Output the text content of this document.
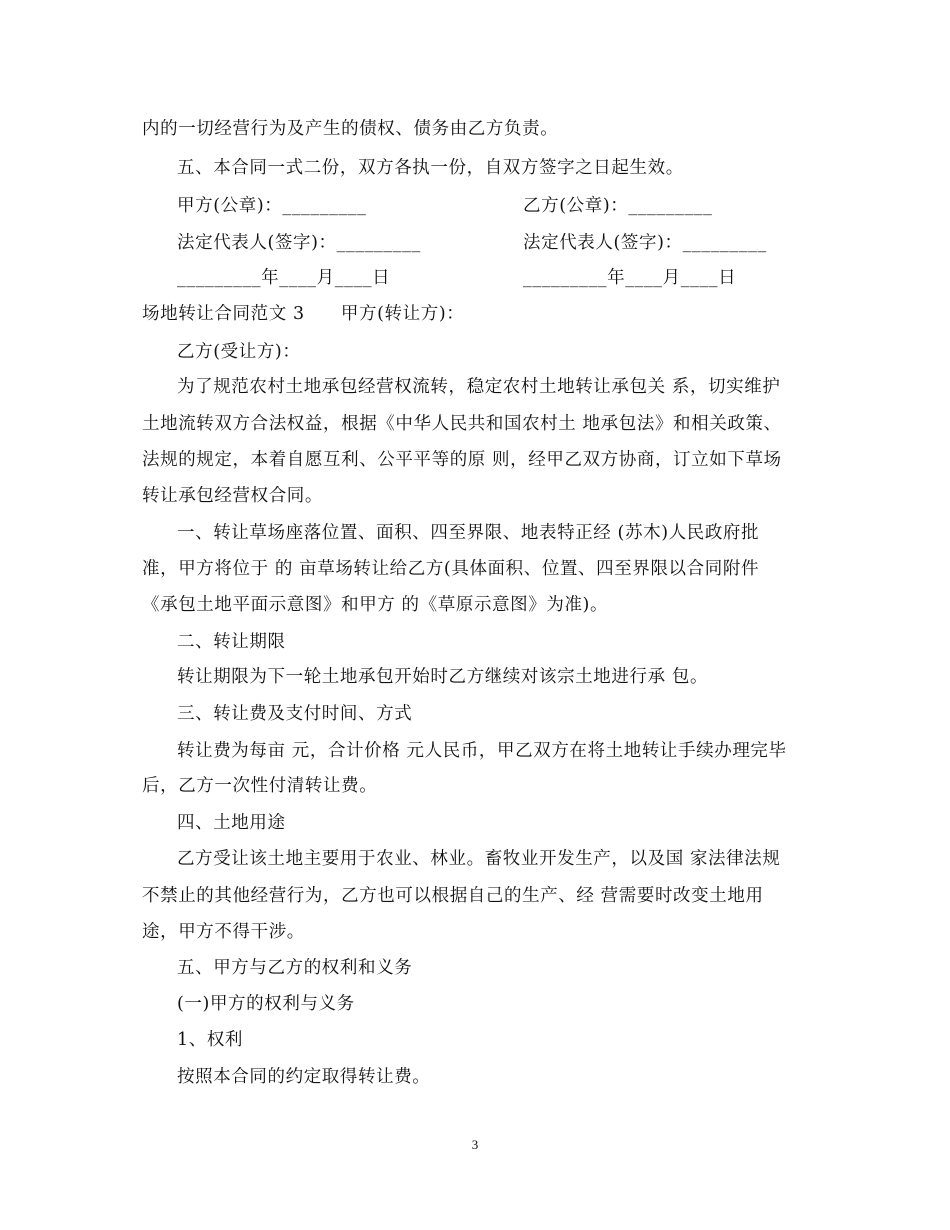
内的一切经营行为及产生的债权、债务由乙方负责。
五、本合同一式二份，双方各执一份，自双方签字之日起生效。
甲方(公章)：_________	乙方(公章)：_________
法定代表人(签字)：_________	法定代表人(签字)：_________
_________年____月____日	_________年____月____日
场地转让合同范文 3　　甲方(转让方)：
乙方(受让方)：
为了规范农村土地承包经营权流转，稳定农村土地转让承包关 系，切实维护
土地流转双方合法权益，根据《中华人民共和国农村土 地承包法》和相关政策、
法规的规定，本着自愿互利、公平平等的原 则，经甲乙双方协商，订立如下草场
转让承包经营权合同。
一、转让草场座落位置、面积、四至界限、地表特正经 (苏木)人民政府批
准，甲方将位于 的 亩草场转让给乙方(具体面积、位置、四至界限以合同附件
《承包土地平面示意图》和甲方 的《草原示意图》为准)。
二、转让期限
转让期限为下一轮土地承包开始时乙方继续对该宗土地进行承 包。
三、转让费及支付时间、方式
转让费为每亩 元，合计价格 元人民币，甲乙双方在将土地转让手续办理完毕
后，乙方一次性付清转让费。
四、土地用途
乙方受让该土地主要用于农业、林业。畜牧业开发生产，以及国 家法律法规
不禁止的其他经营行为，乙方也可以根据自己的生产、经 营需要时改变土地用
途，甲方不得干涉。
五、甲方与乙方的权利和义务
(一)甲方的权利与义务
1、权利
按照本合同的约定取得转让费。
3
